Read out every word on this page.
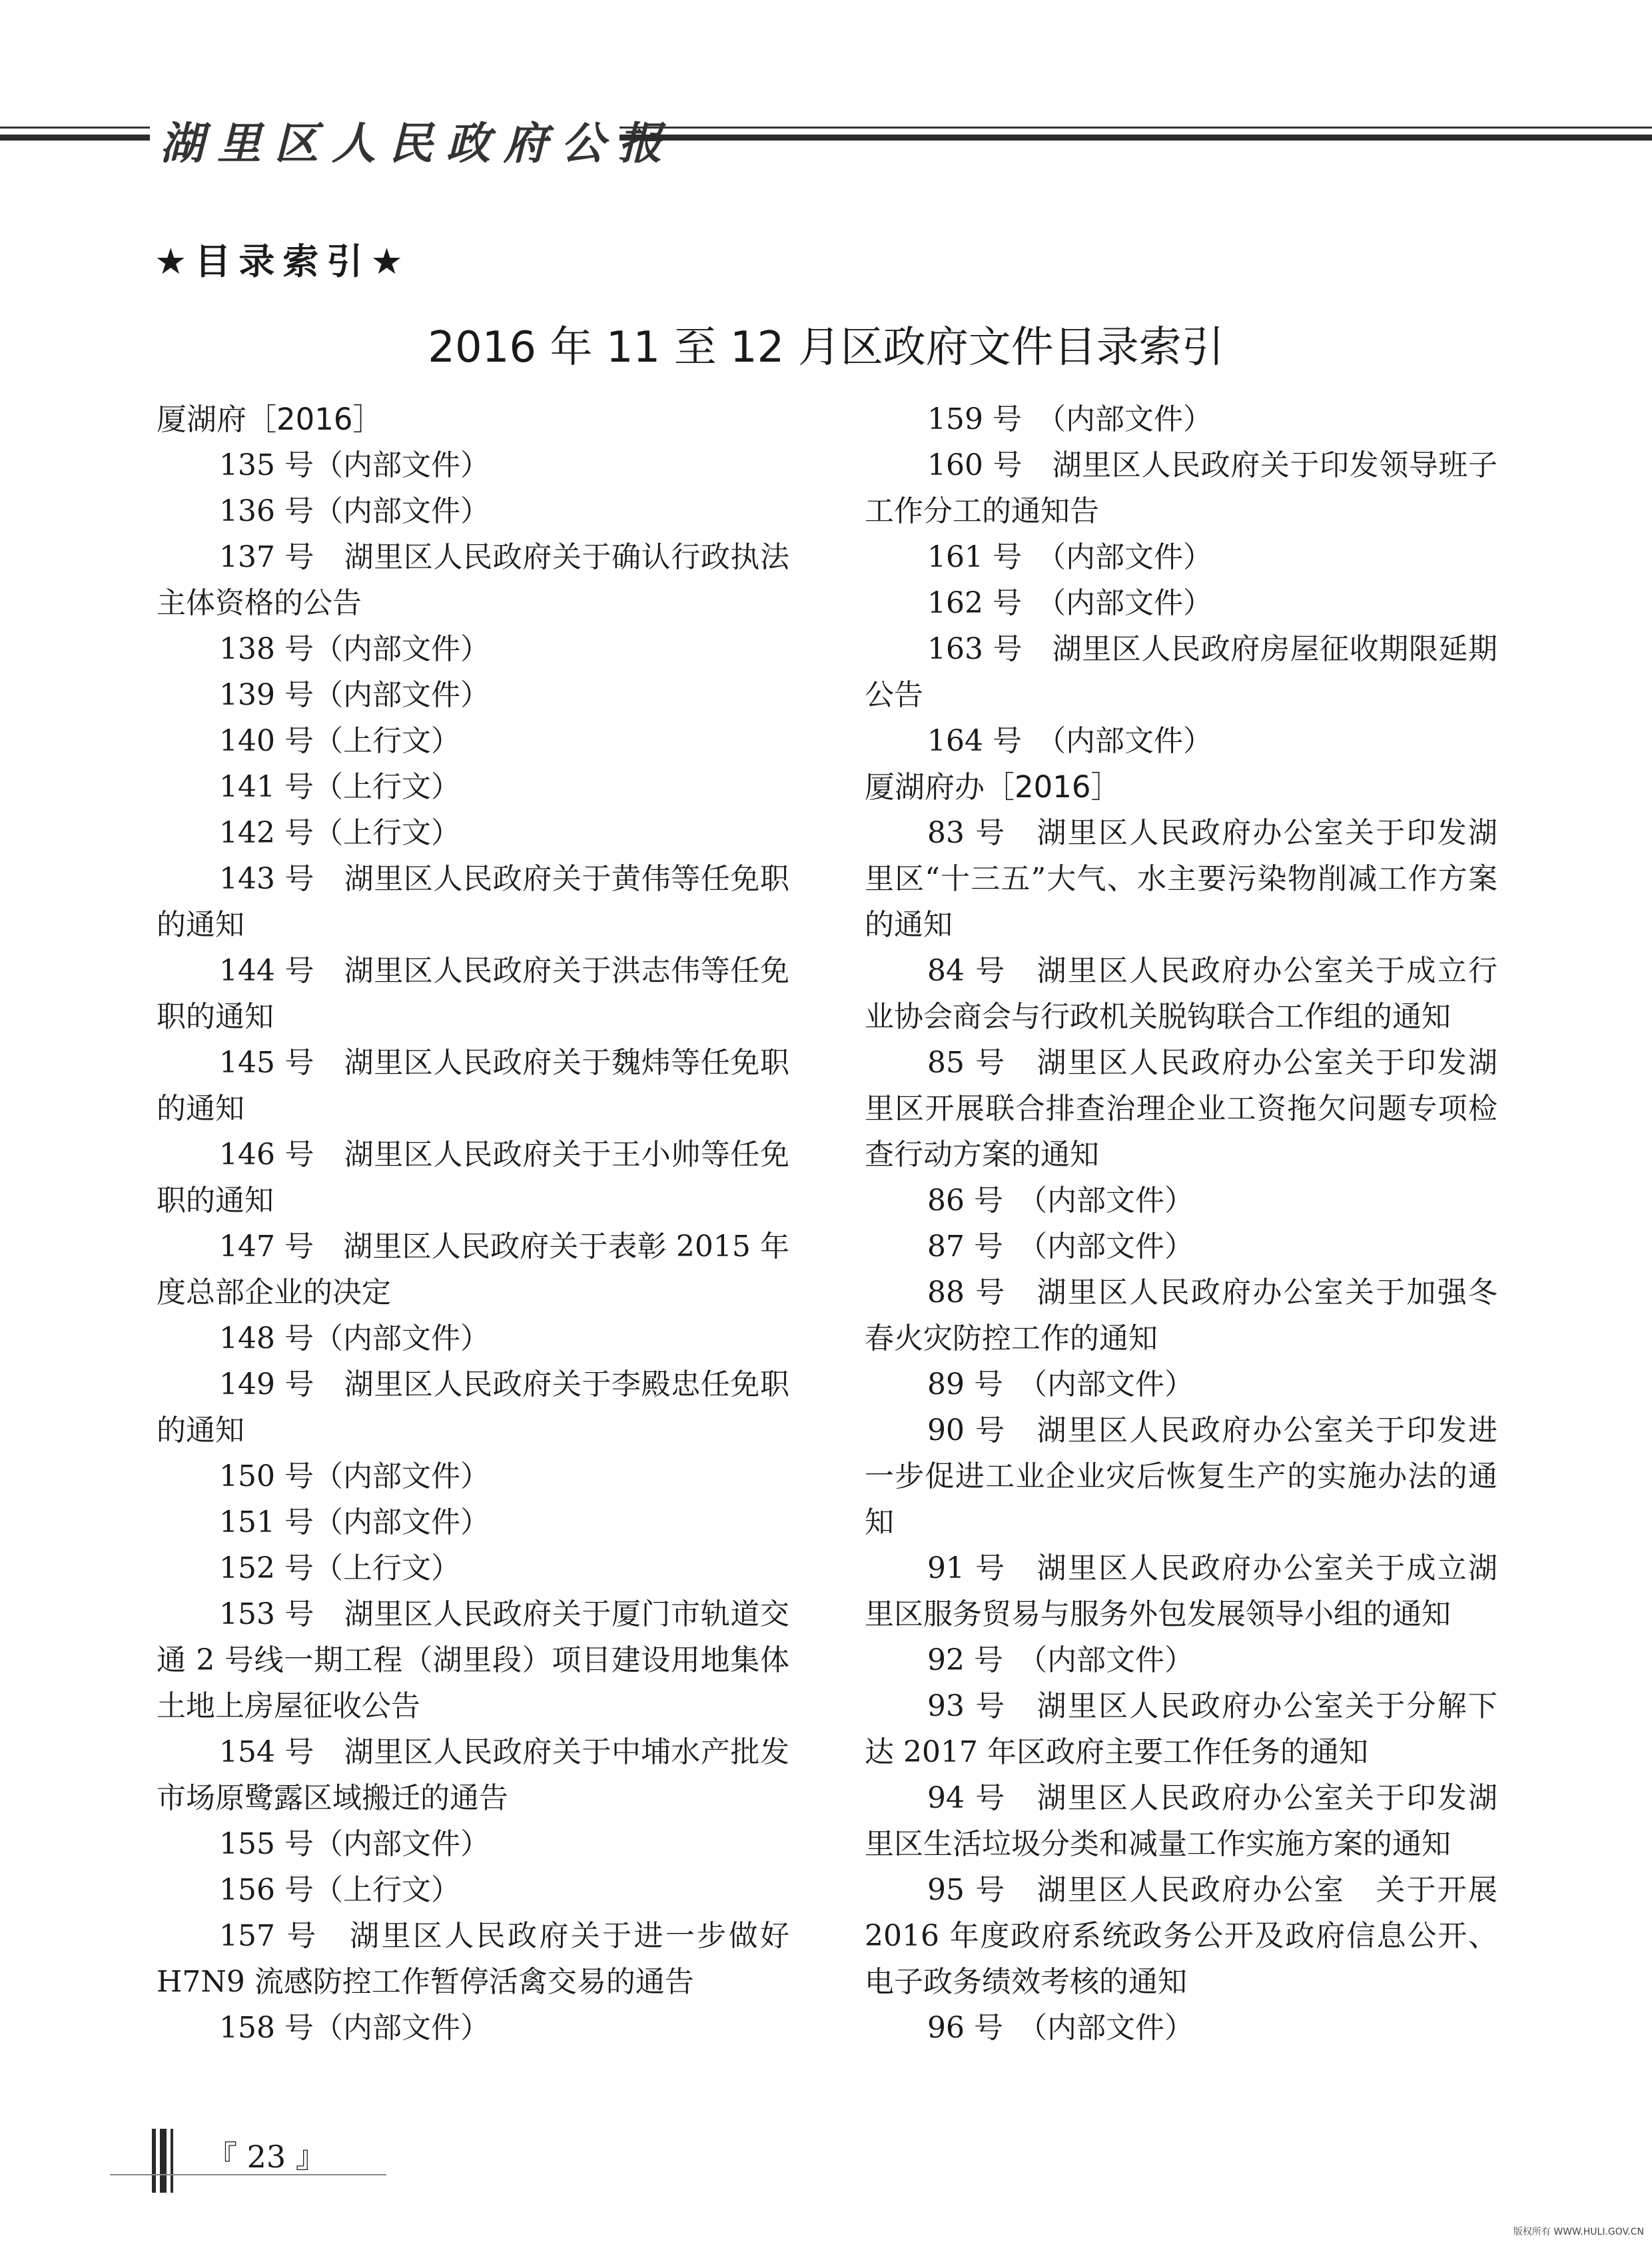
湖里区人民政府公报
★目录索引★
2016 年 11 至 12 月区政府文件目录索引
厦湖府［2016］
135 号（内部文件）
136 号（内部文件）
137 号　湖里区人民政府关于确认行政执法主体资格的公告
138 号（内部文件）
139 号（内部文件）
140 号（上行文）
141 号（上行文）
142 号（上行文）
143 号　湖里区人民政府关于黄伟等任免职的通知
144 号　湖里区人民政府关于洪志伟等任免职的通知
145 号　湖里区人民政府关于魏炜等任免职的通知
146 号　湖里区人民政府关于王小帅等任免职的通知
147 号　湖里区人民政府关于表彰 2015 年度总部企业的决定
148 号（内部文件）
149 号　湖里区人民政府关于李殿忠任免职的通知
150 号（内部文件）
151 号（内部文件）
152 号（上行文）
153 号　湖里区人民政府关于厦门市轨道交通 2 号线一期工程（湖里段）项目建设用地集体土地上房屋征收公告
154 号　湖里区人民政府关于中埔水产批发市场原鹭露区域搬迁的通告
155 号（内部文件）
156 号（上行文）
157 号　湖里区人民政府关于进一步做好 H7N9 流感防控工作暂停活禽交易的通告
158 号（内部文件）
159 号　（内部文件）
160 号　湖里区人民政府关于印发领导班子工作分工的通知告
161 号　（内部文件）
162 号　（内部文件）
163 号　湖里区人民政府房屋征收期限延期公告
164 号　（内部文件）
厦湖府办［2016］
83 号　湖里区人民政府办公室关于印发湖里区“十三五”大气、水主要污染物削减工作方案的通知
84 号　湖里区人民政府办公室关于成立行业协会商会与行政机关脱钩联合工作组的通知
85 号　湖里区人民政府办公室关于印发湖里区开展联合排查治理企业工资拖欠问题专项检查行动方案的通知
86 号　（内部文件）
87 号　（内部文件）
88 号　湖里区人民政府办公室关于加强冬春火灾防控工作的通知
89 号　（内部文件）
90 号　湖里区人民政府办公室关于印发进一步促进工业企业灾后恢复生产的实施办法的通知
91 号　湖里区人民政府办公室关于成立湖里区服务贸易与服务外包发展领导小组的通知
92 号　（内部文件）
93 号　湖里区人民政府办公室关于分解下达 2017 年区政府主要工作任务的通知
94 号　湖里区人民政府办公室关于印发湖里区生活垃圾分类和减量工作实施方案的通知
95 号　湖里区人民政府办公室　关于开展 2016 年度政府系统政务公开及政府信息公开、电子政务绩效考核的通知
96 号　（内部文件）
『 23 』
版权所有 WWW.HULI.GOV.CN
